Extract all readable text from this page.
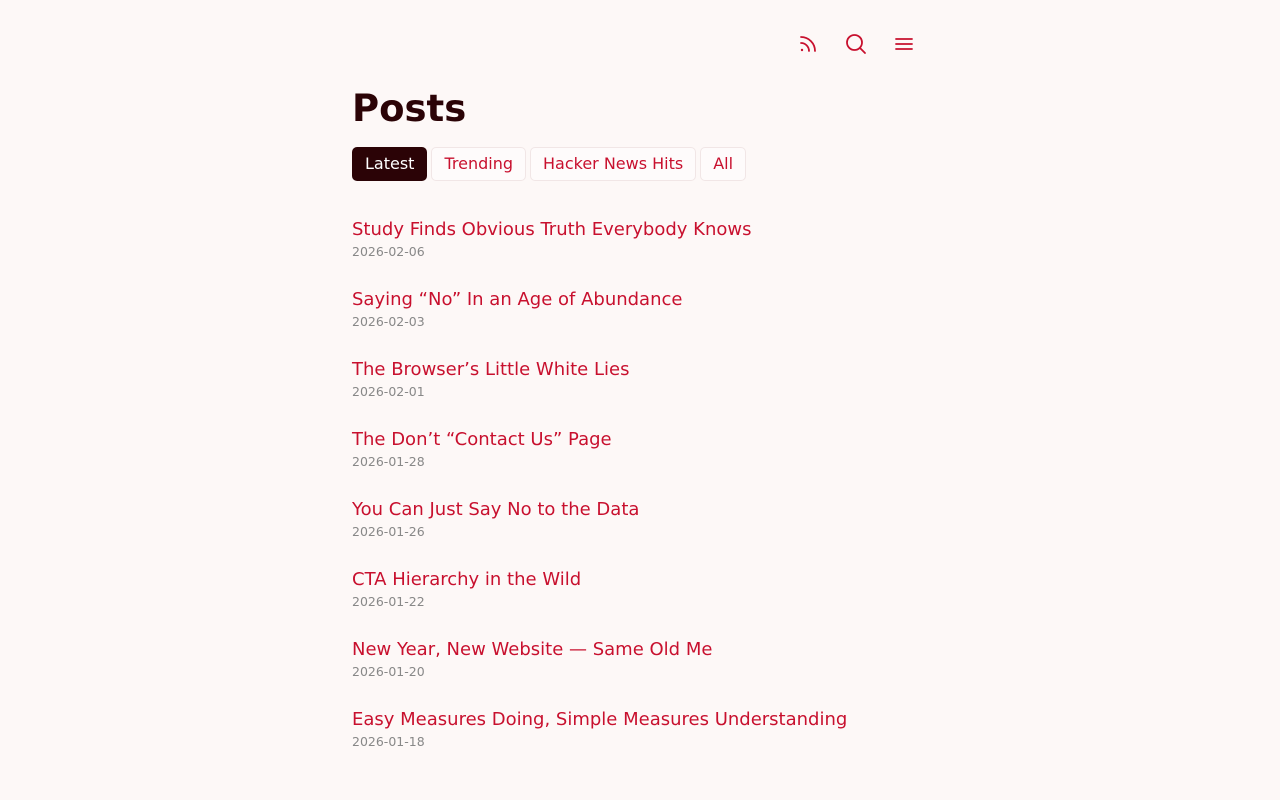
Posts
Latest	Trending	Hacker News Hits	All
Study Finds Obvious Truth Everybody Knows
2026-02-06
Saying “No” In an Age of Abundance
2026-02-03
The Browser’s Little White Lies
2026-02-01
The Don’t “Contact Us” Page
2026-01-28
You Can Just Say No to the Data
2026-01-26
CTA Hierarchy in the Wild
2026-01-22
New Year, New Website — Same Old Me
2026-01-20
Easy Measures Doing, Simple Measures Understanding
2026-01-18
